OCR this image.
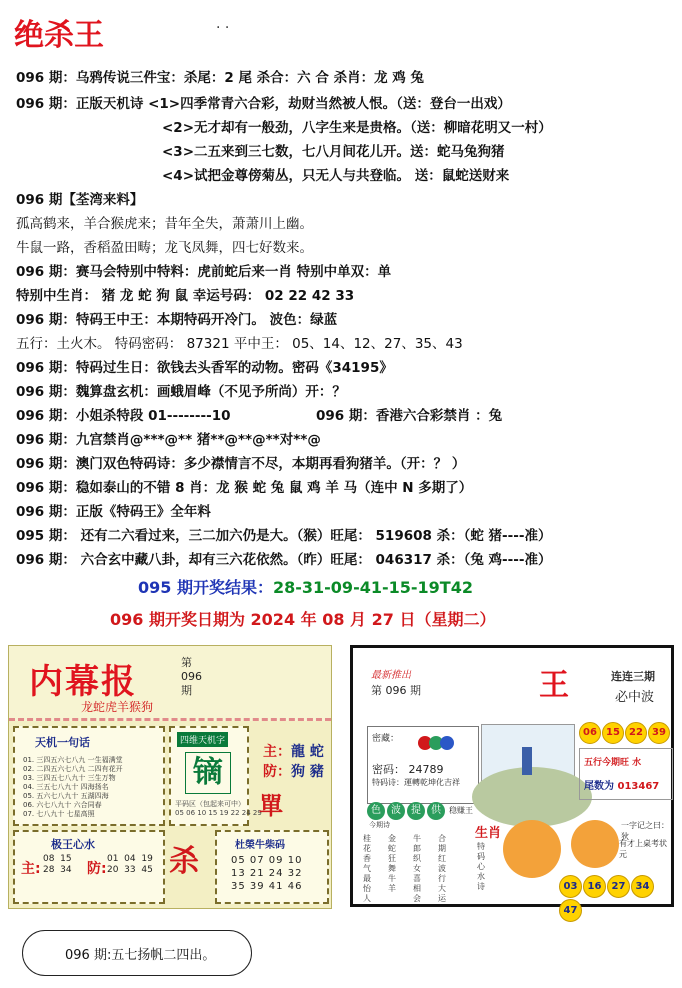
绝杀王	· ·
096 期：乌鸦传说三件宝：杀尾：2 尾 杀合：六 合 杀肖：龙 鸡 兔
096 期：正版天机诗 <1>四季常青六合彩，劫财当然被人恨。（送：登台一出戏）
<2>无才却有一般劲，八字生来是贵格。（送：柳暗花明又一村）
<3>二五来到三七数，七八月间花儿开。送：蛇马兔狗猪
<4>试把金尊傍菊丛，只无人与共登临。 送：鼠蛇送财来
096 期【荃湾来料】
孤高鹤来，羊合猴虎来；昔年全失，萧萧川上幽。
牛鼠一路，香稻盈田畴；龙飞凤舞，四七好数来。
096 期：赛马会特别中特料：虎前蛇后来一肖 特别中单双：单
特别中生肖： 猪 龙 蛇 狗 鼠 幸运号码： 02 22 42 33
096 期：特码王中王：本期特码开冷门。 波色：绿蓝
五行：土火木。 特码密码： 87321 平中王： 05、14、12、27、35、43
096 期：特码过生日：欲钱去头香军的动物。密码《34195》
096 期：魏算盘玄机：画蛾眉峰（不见予所尚）开：？
096 期：小姐杀特段 01--------10	096 期：香港六合彩禁肖 ：兔
096 期：九宫禁肖@***@** 猪**@**@**对**@
096 期：澳门双色特码诗：多少襟情言不尽，本期再看狗猪羊。（开：？ ）
096 期：稳如泰山的不错 8 肖：龙 猴 蛇 兔 鼠 鸡 羊 马（连中 N 多期了）
096 期：正版《特码王》全年料
095 期： 还有二六看过来，三二加六仍是大。（猴）旺尾： 519608 杀：（蛇 猪----准）
096 期： 六合玄中藏八卦，却有三六花依然。（昨）旺尾： 046317 杀：（兔 鸡----准）
095 期开奖结果：28-31-09-41-15-19T42
096 期开奖日期为 2024 年 08 月 27 日（星期二）
内幕报
龙蛇虎羊猴狗
第 096 期
天机一句话
01. 三四五六七八九 一生福满堂
02. 二四五六七八九 二四有花开
03. 三四五七八九十 三生万物
04. 三五七八九十 四海扬名
05. 五六七八九十 五湖四海
06. 六七八九十 六合同春
07. 七八九十 七星高照
四维天机字
镝
平码区（包起来可中）
05 06 10 15 19 22 24 29
主：龍 蛇
防：狗 豬
單
极王心水
主:
08  15
28  34 防:
01  04  19
20  33  45 杀	杜榮牛柴码
05 07 09 10
13 21 24 32
35 39 41 46
最新推出
第 096 期	王	连连三期
必中波
密藏：
密码： 24789
特码诗：運轉乾坤化吉祥
06 15 22 39
五行今期旺 水
尾数为 013467
色 波 提 供 稳赚王
今期诗
桂花香气最怡人金蛇狂舞牛羊牛郎织女喜相会合期红波行大运
生肖
特码心水诗
一字记之曰：狄
有才上桌考状元
03 16 27 3447
096 期:五七扬帆二四出。
